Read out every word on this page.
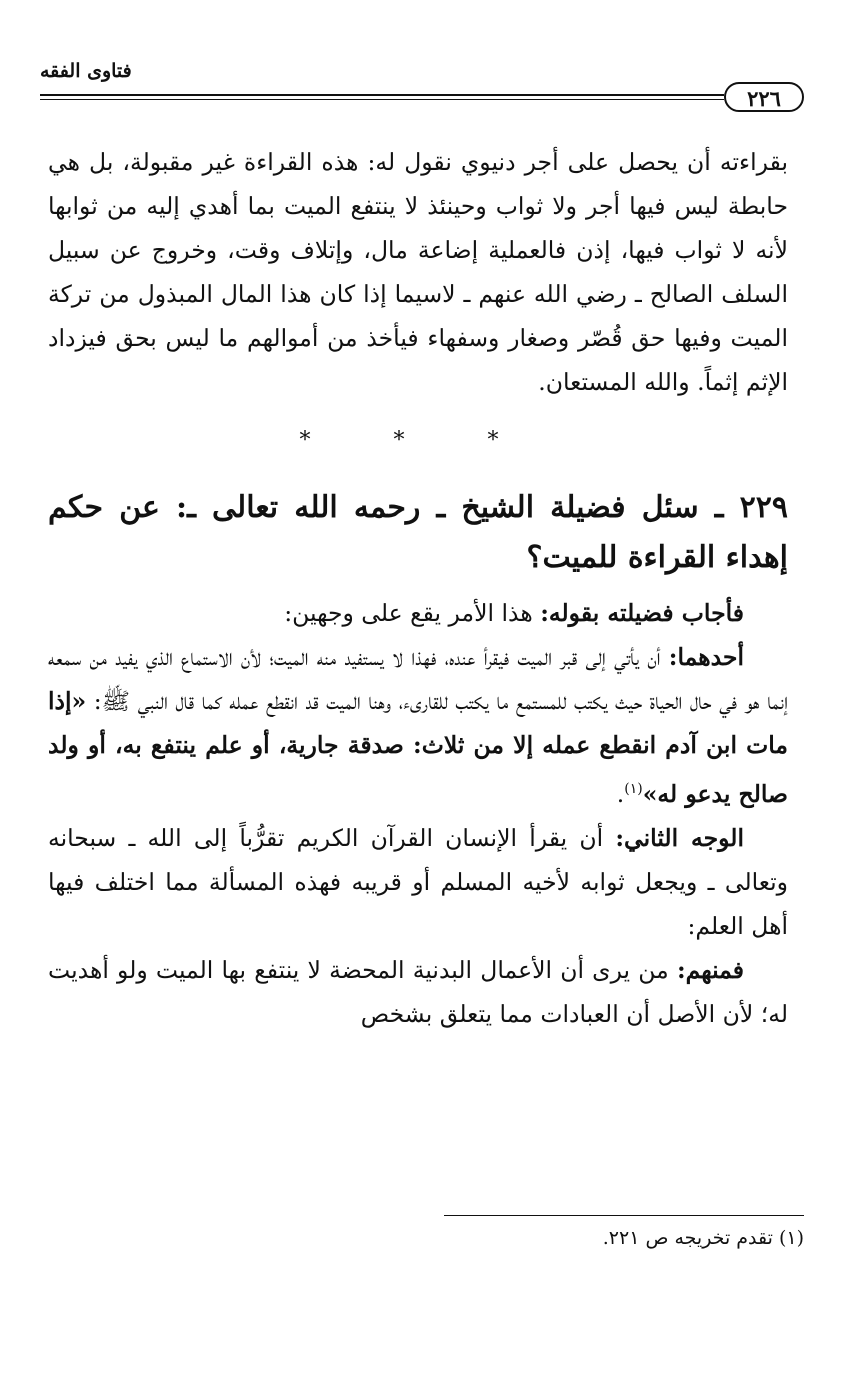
٢٢٦
فتاوى الفقه

بقراءته أن يحصل على أجر دنيوي نقول له: هذه القراءة غير مقبولة، بل هي حابطة ليس فيها أجر ولا ثواب وحينئذ لا ينتفع الميت بما أهدي إليه من ثوابها لأنه لا ثواب فيها، إذن فالعملية إضاعة مال، وإتلاف وقت، وخروج عن سبيل السلف الصالح ـ رضي الله عنهم ـ لاسيما إذا كان هذا المال المبذول من تركة الميت وفيها حق قُصّر وصغار وسفهاء فيأخذ من أموالهم ما ليس بحق فيزداد الإثم إثماً. والله المستعان.

* * *

٢٢٩ ـ سئل فضيلة الشيخ ـ رحمه الله تعالى ـ: عن حكم إهداء القراءة للميت؟

فأجاب فضيلته بقوله: هذا الأمر يقع على وجهين:

أحدهما: أن يأتي إلى قبر الميت فيقرأ عنده، فهذا لا يستفيد منه الميت؛ لأن الاستماع الذي يفيد من سمعه إنما هو في حال الحياة حيث يكتب للمستمع ما يكتب للقارىء، وهنا الميت قد انقطع عمله كما قال النبي ﷺ: «إذا مات ابن آدم انقطع عمله إلا من ثلاث: صدقة جارية، أو علم ينتفع به، أو ولد صالح يدعو له»$^{(١)}$.

الوجه الثاني: أن يقرأ الإنسان القرآن الكريم تقرُّباً إلى الله ـ سبحانه وتعالى ـ ويجعل ثوابه لأخيه المسلم أو قريبه فهذه المسألة مما اختلف فيها أهل العلم:

فمنهم: من يرى أن الأعمال البدنية المحضة لا ينتفع بها الميت ولو أهديت له؛ لأن الأصل أن العبادات مما يتعلق بشخص

(١) تقدم تخريجه ص ٢٢١.
